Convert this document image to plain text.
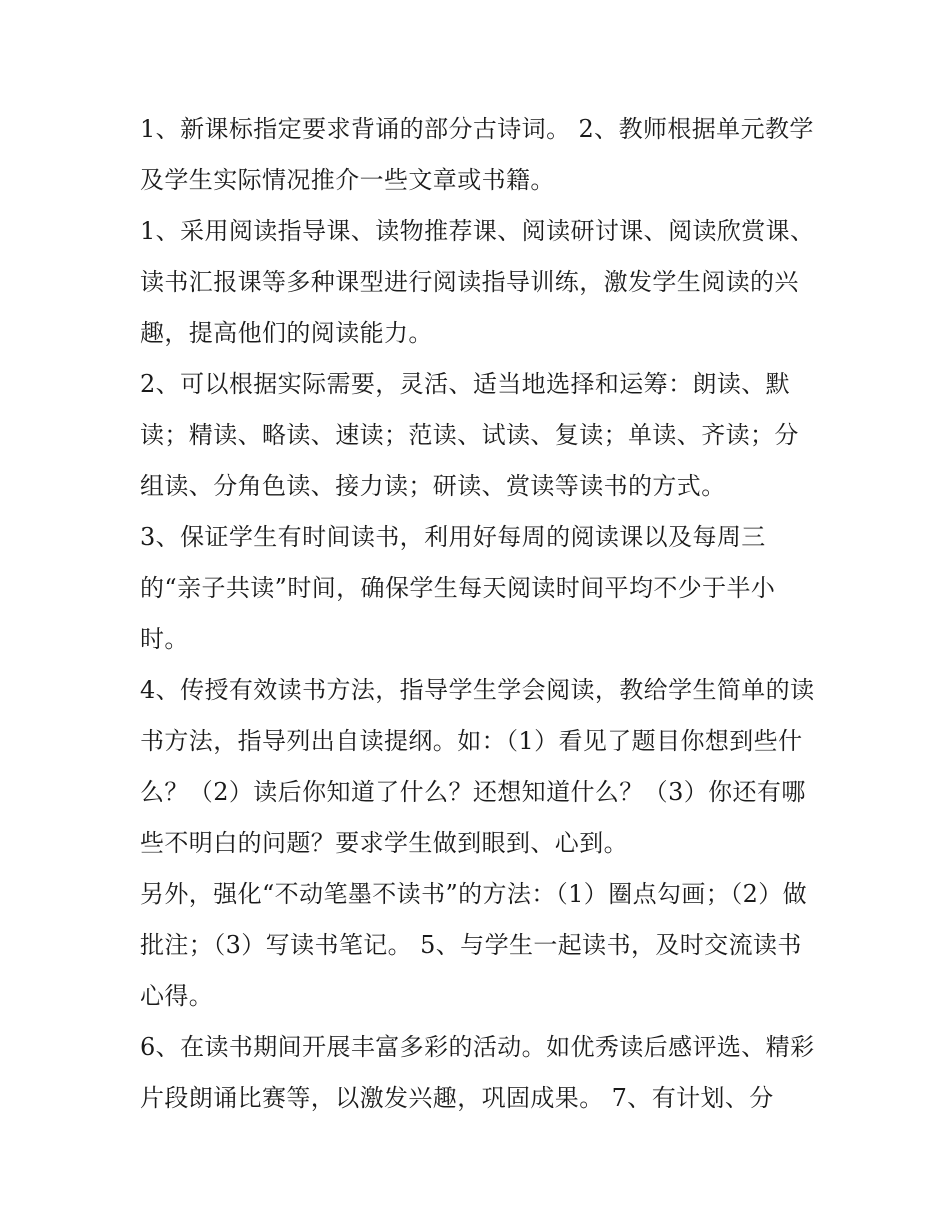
1、新课标指定要求背诵的部分古诗词。 2、教师根据单元教学及学生实际情况推介一些文章或书籍。

1、采用阅读指导课、读物推荐课、阅读研讨课、阅读欣赏课、读书汇报课等多种课型进行阅读指导训练，激发学生阅读的兴趣，提高他们的阅读能力。

2、可以根据实际需要，灵活、适当地选择和运筹：朗读、默读；精读、略读、速读；范读、试读、复读；单读、齐读；分组读、分角色读、接力读；研读、赏读等读书的方式。

3、保证学生有时间读书，利用好每周的阅读课以及每周三的“亲子共读”时间，确保学生每天阅读时间平均不少于半小时。

4、传授有效读书方法，指导学生学会阅读，教给学生简单的读书方法，指导列出自读提纲。如：（1）看见了题目你想到些什么？（2）读后你知道了什么？还想知道什么？（3）你还有哪些不明白的问题？要求学生做到眼到、心到。

另外，强化“不动笔墨不读书”的方法：（1）圈点勾画；（2）做批注；（3）写读书笔记。 5、与学生一起读书，及时交流读书心得。

6、在读书期间开展丰富多彩的活动。如优秀读后感评选、精彩片段朗诵比赛等，以激发兴趣，巩固成果。 7、有计划、分
